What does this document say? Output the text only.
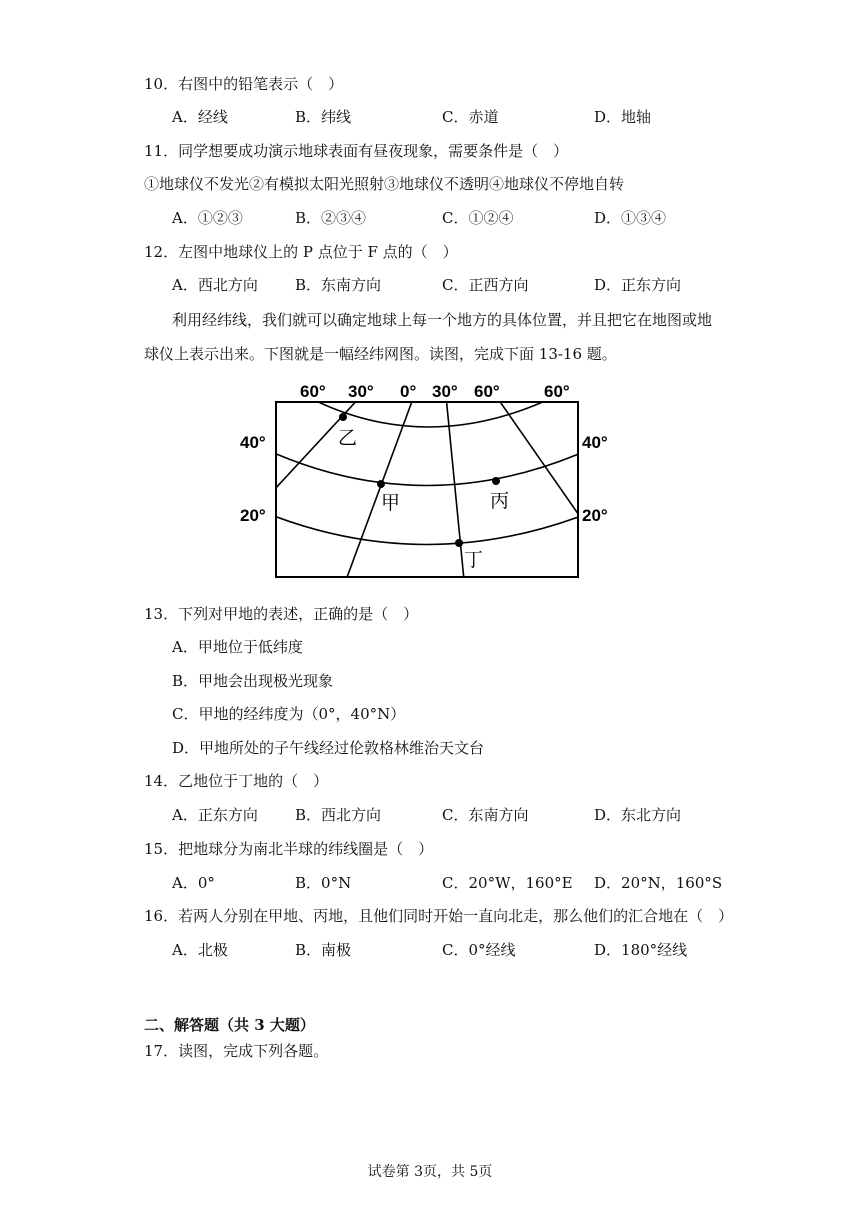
10．右图中的铅笔表示（　）
A．经线	B．纬线	C．赤道	D．地轴
11．同学想要成功演示地球表面有昼夜现象，需要条件是（　）
①地球仪不发光②有模拟太阳光照射③地球仪不透明④地球仪不停地自转
A．①②③	B．②③④	C．①②④	D．①③④
12．左图中地球仪上的 P 点位于 F 点的（　）
A．西北方向 B．东南方向	C．正西方向	D．正东方向
利用经纬线，我们就可以确定地球上每一个地方的具体位置，并且把它在地图或地
球仪上表示出来。下图就是一幅经纬网图。读图，完成下面 13-16 题。
60° 30° 0° 30° 60°	60°
40°
20°
40°
20°
乙
甲	丙
丁
13．下列对甲地的表述，正确的是（　）
A．甲地位于低纬度
B．甲地会出现极光现象
C．甲地的经纬度为（0°，40°N）
D．甲地所处的子午线经过伦敦格林维治天文台
14．乙地位于丁地的（　）
A．正东方向 B．西北方向	C．东南方向	D．东北方向
15．把地球分为南北半球的纬线圈是（　）
A．0°	B．0°N	C．20°W，160°E D．20°N，160°S
16．若两人分别在甲地、丙地，且他们同时开始一直向北走，那么他们的汇合地在（　）
A．北极	B．南极	C．0°经线	D．180°经线
二、解答题（共 3 大题）
17．读图，完成下列各题。
试卷第 3页，共 5页
